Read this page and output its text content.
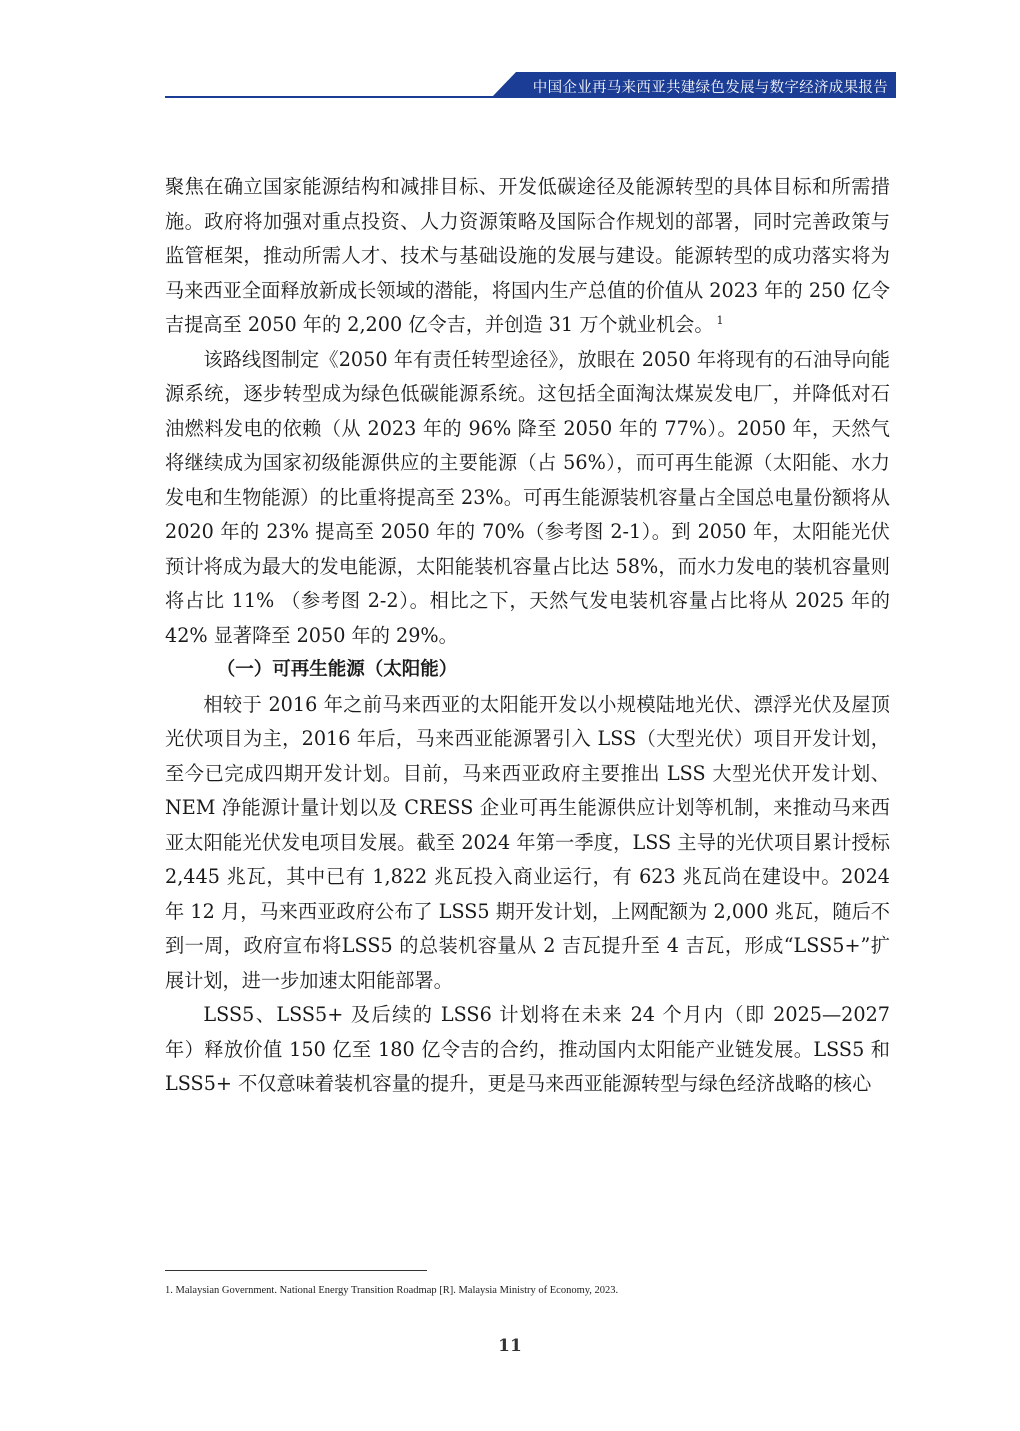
中国企业再马来西亚共建绿色发展与数字经济成果报告

聚焦在确立国家能源结构和减排目标、开发低碳途径及能源转型的具体目标和所需措施。政府将加强对重点投资、人力资源策略及国际合作规划的部署，同时完善政策与监管框架，推动所需人才、技术与基础设施的发展与建设。能源转型的成功落实将为马来西亚全面释放新成长领域的潜能，将国内生产总值的价值从 2023 年的 250 亿令吉提高至 2050 年的 2,200 亿令吉，并创造 31 万个就业机会。 $^1$

该路线图制定《2050 年有责任转型途径》，放眼在 2050 年将现有的石油导向能源系统，逐步转型成为绿色低碳能源系统。这包括全面淘汰煤炭发电厂，并降低对石油燃料发电的依赖（从 2023 年的 96% 降至 2050 年的 77%）。2050 年，天然气将继续成为国家初级能源供应的主要能源（占 56%），而可再生能源（太阳能、水力发电和生物能源）的比重将提高至 23%。可再生能源装机容量占全国总电量份额将从 2020 年的 23% 提高至 2050 年的 70%（参考图 2-1）。到 2050 年，太阳能光伏预计将成为最大的发电能源，太阳能装机容量占比达 58%，而水力发电的装机容量则将占比 11% （参考图 2-2）。相比之下，天然气发电装机容量占比将从 2025 年的 42% 显著降至 2050 年的 29%。

（一）可再生能源（太阳能）

相较于 2016 年之前马来西亚的太阳能开发以小规模陆地光伏、漂浮光伏及屋顶光伏项目为主，2016 年后，马来西亚能源署引入 LSS（大型光伏）项目开发计划，至今已完成四期开发计划。目前，马来西亚政府主要推出 LSS 大型光伏开发计划、NEM 净能源计量计划以及 CRESS 企业可再生能源供应计划等机制，来推动马来西亚太阳能光伏发电项目发展。截至 2024 年第一季度，LSS 主导的光伏项目累计授标 2,445 兆瓦，其中已有 1,822 兆瓦投入商业运行，有 623 兆瓦尚在建设中。2024 年 12 月，马来西亚政府公布了 LSS5 期开发计划，上网配额为 2,000 兆瓦，随后不到一周，政府宣布将LSS5 的总装机容量从 2 吉瓦提升至 4 吉瓦，形成“LSS5+”扩展计划，进一步加速太阳能部署。

LSS5、LSS5+ 及后续的 LSS6 计划将在未来 24 个月内（即 2025—2027 年）释放价值 150 亿至 180 亿令吉的合约，推动国内太阳能产业链发展。LSS5 和 LSS5+ 不仅意味着装机容量的提升，更是马来西亚能源转型与绿色经济战略的核心

1. Malaysian Government. National Energy Transition Roadmap [R]. Malaysia Ministry of Economy, 2023.
11
